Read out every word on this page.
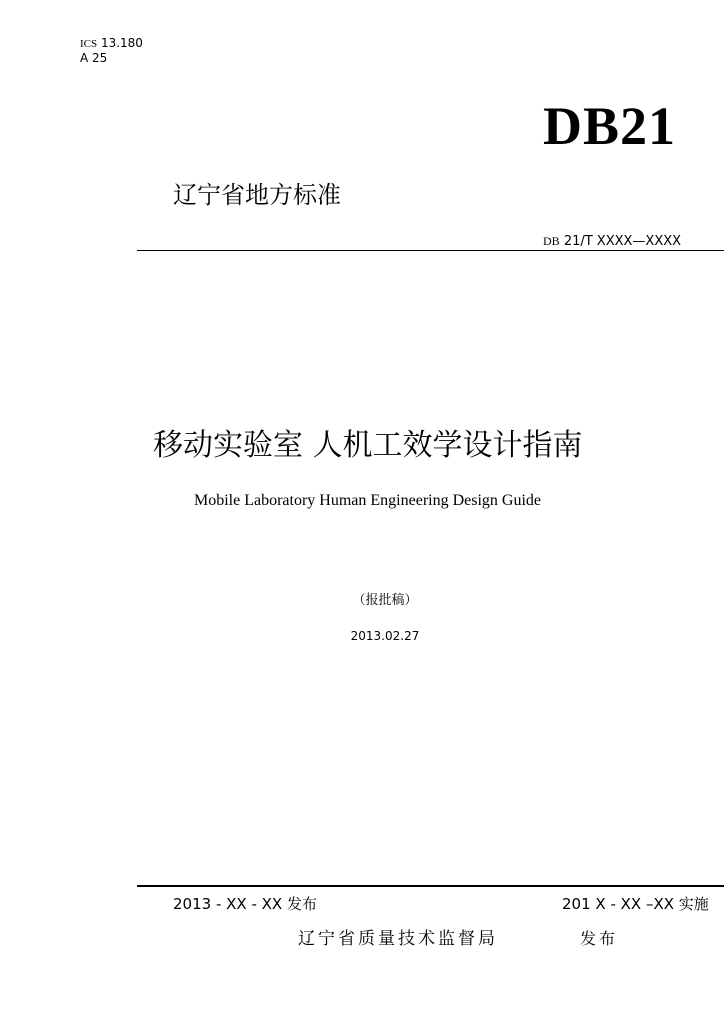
ICS 13.180
A 25
DB21
辽宁省地方标准
DB 21/T XXXX—XXXX
移动实验室 人机工效学设计指南
Mobile Laboratory Human Engineering Design Guide
（报批稿）
2013.02.27
2013 - XX - XX 发布	201 X - XX –XX 实施
辽宁省质量技术监督局	发布
